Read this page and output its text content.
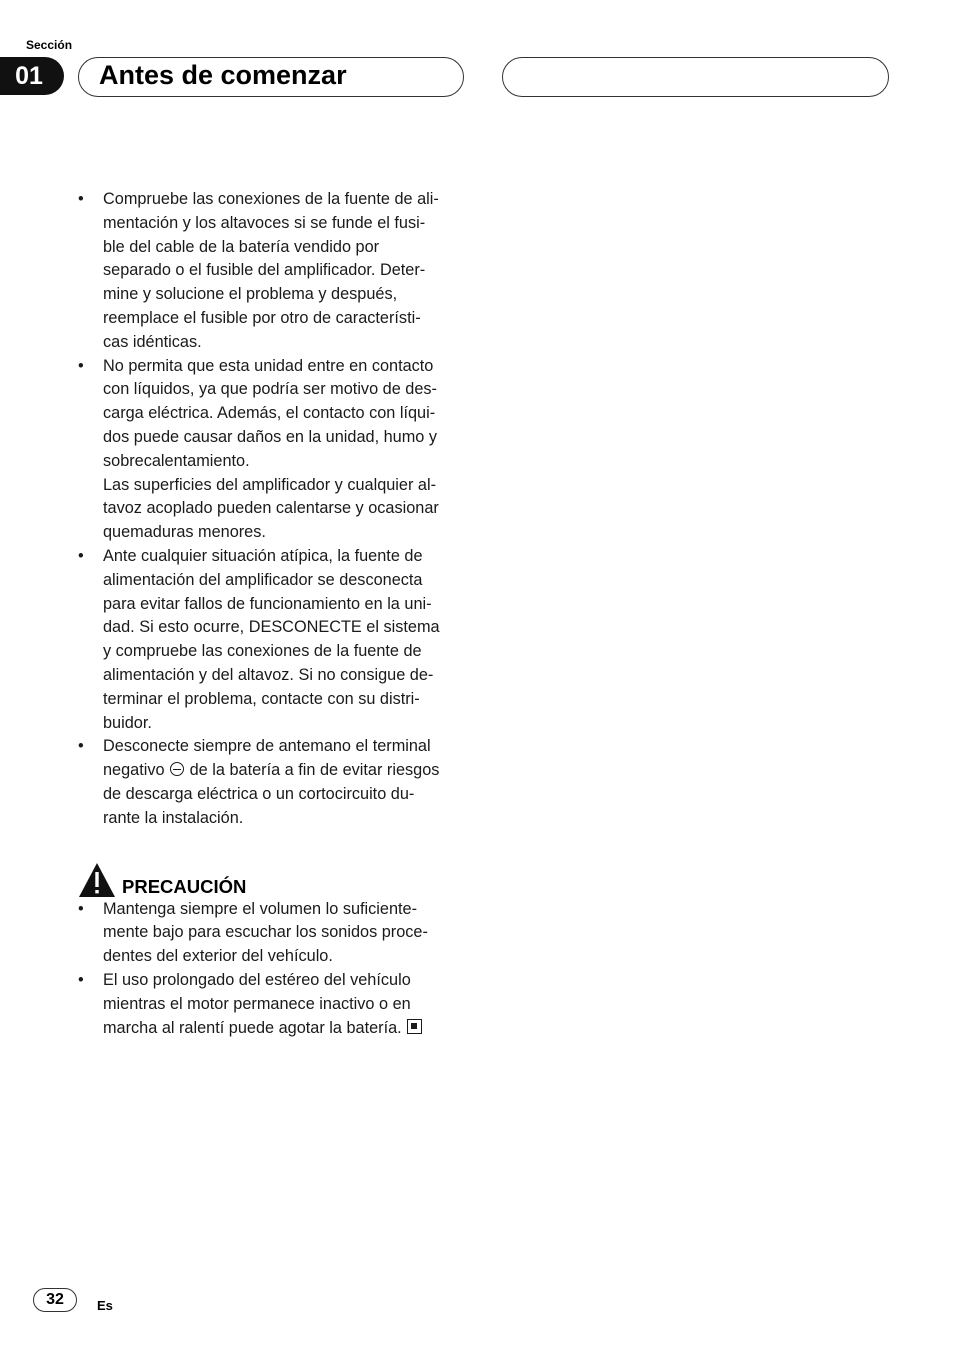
Sección
01	Antes de comenzar
• Compruebe las conexiones de la fuente de ali-
mentación y los altavoces si se funde el fusi-
ble del cable de la batería vendido por
separado o el fusible del amplificador. Deter-
mine y solucione el problema y después,
reemplace el fusible por otro de característi-
cas idénticas.
• No permita que esta unidad entre en contacto
con líquidos, ya que podría ser motivo de des-
carga eléctrica. Además, el contacto con líqui-
dos puede causar daños en la unidad, humo y
sobrecalentamiento.
Las superficies del amplificador y cualquier al-
tavoz acoplado pueden calentarse y ocasionar
quemaduras menores.
• Ante cualquier situación atípica, la fuente de
alimentación del amplificador se desconecta
para evitar fallos de funcionamiento en la uni-
dad. Si esto ocurre, DESCONECTE el sistema
y compruebe las conexiones de la fuente de
alimentación y del altavoz. Si no consigue de-
terminar el problema, contacte con su distri-
buidor.
• Desconecte siempre de antemano el terminal
negativo de la batería a fin de evitar riesgos
de descarga eléctrica o un cortocircuito du-
rante la instalación.
PRECAUCIÓN
• Mantenga siempre el volumen lo suficiente-
mente bajo para escuchar los sonidos proce-
dentes del exterior del vehículo.
• El uso prolongado del estéreo del vehículo
mientras el motor permanece inactivo o en
marcha al ralentí puede agotar la batería.
32	Es
